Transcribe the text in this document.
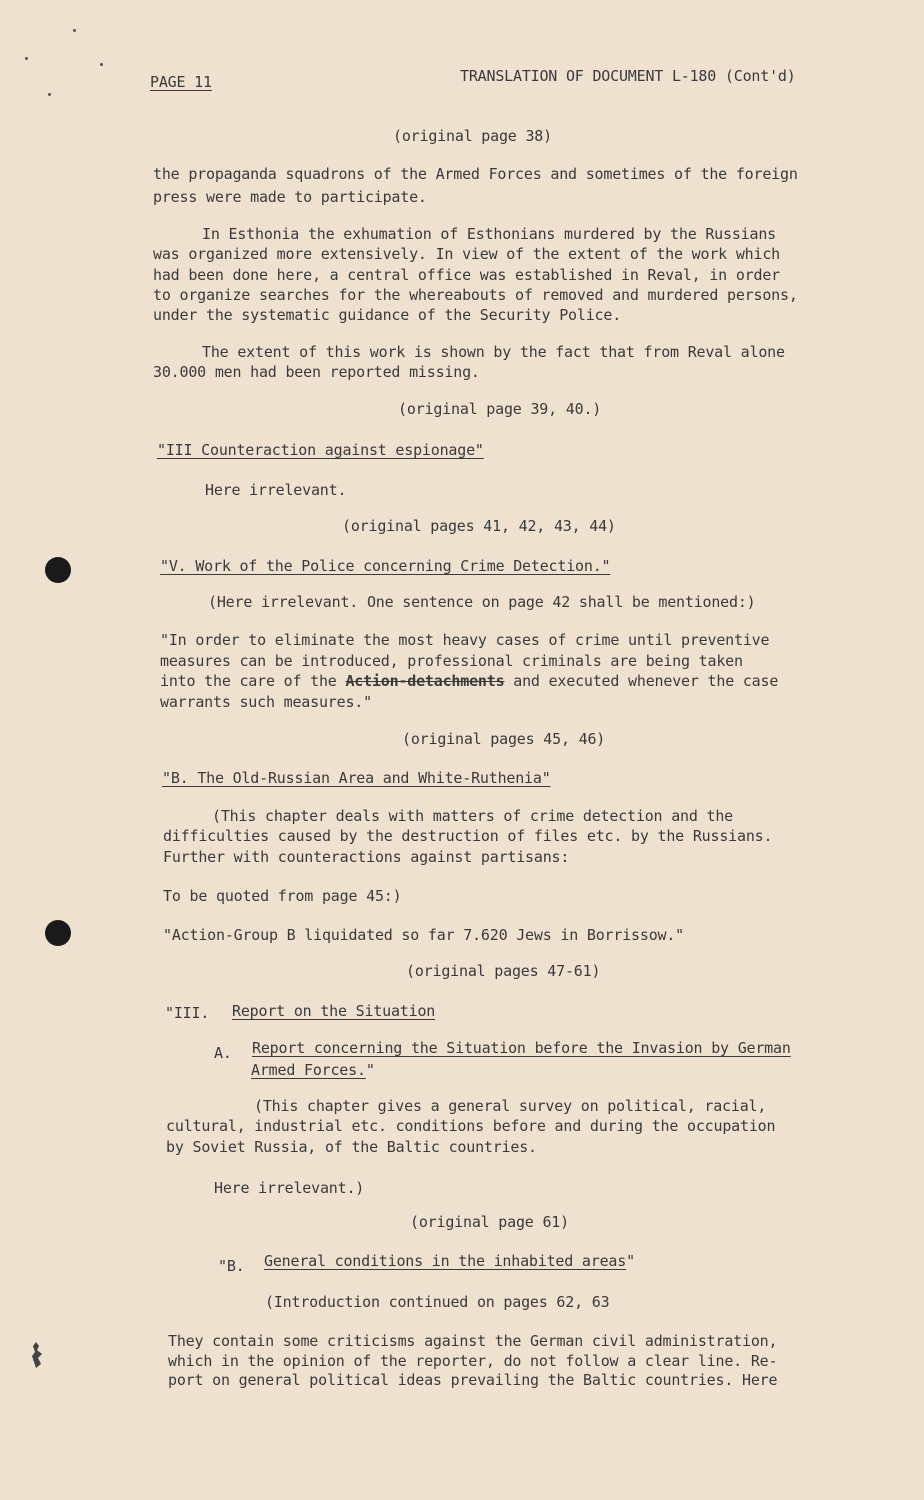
PAGE 11	TRANSLATION OF DOCUMENT L-180 (Cont'd)
(original page 38)
the propaganda squadrons of the Armed Forces and sometimes of the foreign
press were made to participate.
In Esthonia the exhumation of Esthonians murdered by the Russians
was organized more extensively. In view of the extent of the work which
had been done here, a central office was established in Reval, in order
to organize searches for the whereabouts of removed and murdered persons,
under the systematic guidance of the Security Police.
The extent of this work is shown by the fact that from Reval alone
30.000 men had been reported missing.
(original page 39, 40.)
"III Counteraction against espionage"
Here irrelevant.
(original pages 41, 42, 43, 44)
"V. Work of the Police concerning Crime Detection."
(Here irrelevant. One sentence on page 42 shall be mentioned:)
"In order to eliminate the most heavy cases of crime until preventive
measures can be introduced, professional criminals are being taken
into the care of the Action-detachments and executed whenever the case
warrants such measures."
(original pages 45, 46)
"B. The Old-Russian Area and White-Ruthenia"
(This chapter deals with matters of crime detection and the
difficulties caused by the destruction of files etc. by the Russians.
Further with counteractions against partisans:
To be quoted from page 45:)
"Action-Group B liquidated so far 7.620 Jews in Borrissow."
(original pages 47-61)
"III. Report on the Situation
A. Report concerning the Situation before the Invasion by German
Armed Forces."
(This chapter gives a general survey on political, racial,
cultural, industrial etc. conditions before and during the occupation
by Soviet Russia, of the Baltic countries.
Here irrelevant.)
(original page 61)
"B. General conditions in the inhabited areas"
(Introduction continued on pages 62, 63
They contain some criticisms against the German civil administration,
which in the opinion of the reporter, do not follow a clear line. Re-
port on general political ideas prevailing the Baltic countries. Here
